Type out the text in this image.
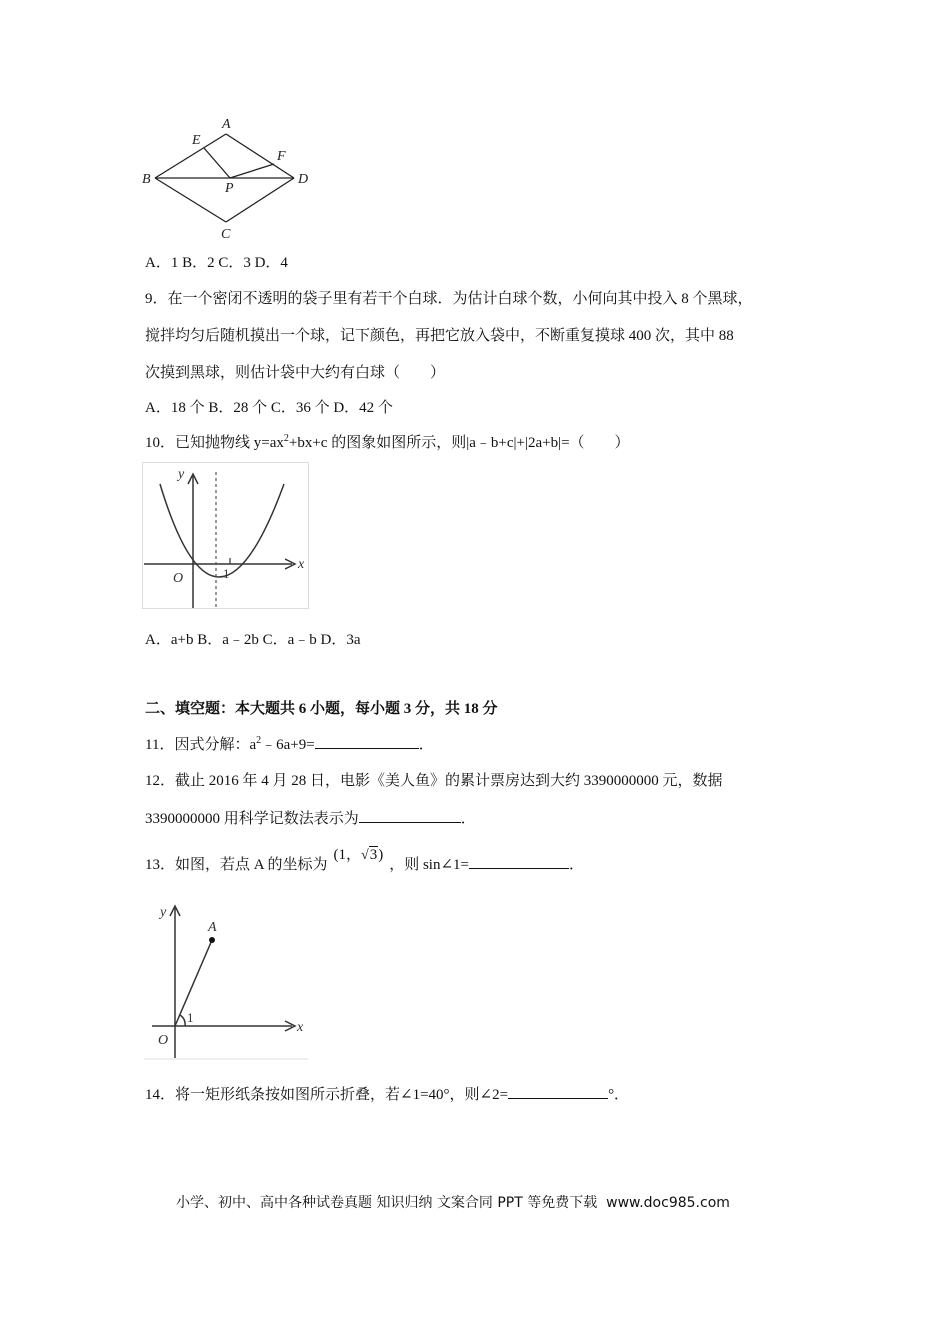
A
E
F
B
P
D
C
A．1 B．2 C．3 D．4
9．在一个密闭不透明的袋子里有若干个白球．为估计白球个数，小何向其中投入 8 个黑球，
搅拌均匀后随机摸出一个球，记下颜色，再把它放入袋中，不断重复摸球 400 次，其中 88
次摸到黑球，则估计袋中大约有白球（　　）
A．18 个 B．28 个 C．36 个 D．42 个
10．已知抛物线 $y=ax^2+bx+c$ 的图象如图所示，则|a﹣b+c|+|2a+b|=（　　）
y
x
O	1
A．a+b B．a﹣2b C．a﹣b D．3a
二、填空题：本大题共 6 小题，每小题 3 分，共 18 分
11．因式分解：$a^2﹣6a+9=$	．
12．截止 2016 年 4 月 28 日，电影《美人鱼》的累计票房达到大约 3390000000 元，数据
3390000000 用科学记数法表示为	．
13．如图，若点 A 的坐标为(1，√3)，则 sin∠1=	．
y
A
x
O
1
14．将一矩形纸条按如图所示折叠，若∠1=40°，则∠2=	°．
小学、初中、高中各种试卷真题 知识归纳 文案合同 PPT 等免费下载 www.doc985.com
